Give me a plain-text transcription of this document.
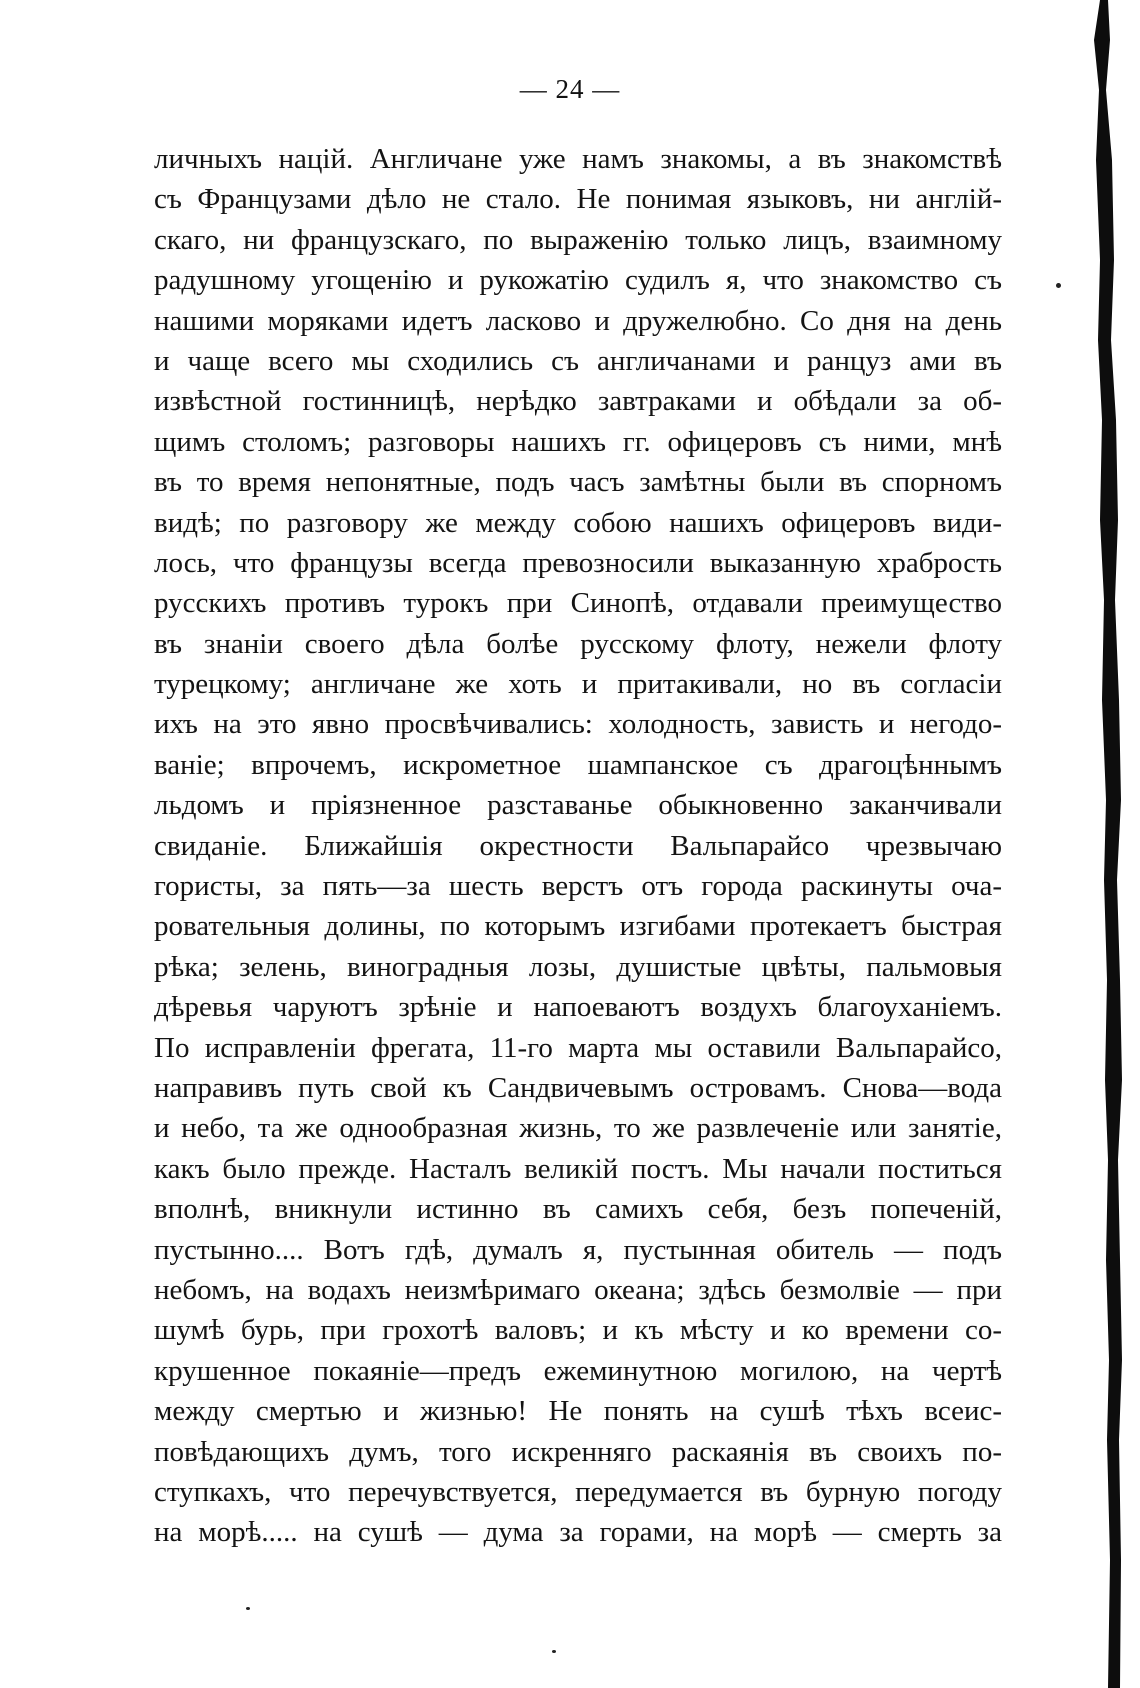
— 24 —
личныхъ націй. Англичане уже намъ знакомы, а въ знакомствѣ
съ Французами дѣло не стало. Не понимая языковъ, ни англій-
скаго, ни французскаго, по выраженію только лицъ, взаимному
радушному угощенію и рукожатію судилъ я, что знакомство съ
нашими моряками идетъ ласково и дружелюбно. Со дня на день
и чаще всего мы сходились съ англичанами и ранцуз ами въ
извѣстной гостинницѣ, нерѣдко завтраками и обѣдали за об-
щимъ столомъ; разговоры нашихъ гг. офицеровъ съ ними, мнѣ
въ то время непонятные, подъ часъ замѣтны были въ спорномъ
видѣ; по разговору же между собою нашихъ офицеровъ види-
лось, что французы всегда превозносили выказанную храбрость
русскихъ противъ турокъ при Синопѣ, отдавали преимущество
въ знаніи своего дѣла болѣе русскому флоту, нежели флоту
турецкому; англичане же хоть и притакивали, но въ согласіи
ихъ на это явно просвѣчивались: холодность, зависть и негодо-
ваніе; впрочемъ, искрометное шампанское съ драгоцѣннымъ
льдомъ и пріязненное разставанье обыкновенно заканчивали
свиданіе. Ближайшія окрестности Вальпарайсо чрезвычаю
гористы, за пять—за шесть верстъ отъ города раскинуты оча-
ровательныя долины, по которымъ изгибами протекаетъ быстрая
рѣка; зелень, виноградныя лозы, душистые цвѣты, пальмовыя
дѣревья чаруютъ зрѣніе и напоеваютъ воздухъ благоуханіемъ.
По исправленіи фрегата, 11-го марта мы оставили Вальпарайсо,
направивъ путь свой къ Сандвичевымъ островамъ. Снова—вода
и небо, та же однообразная жизнь, то же развлеченіе или занятіе,
какъ было прежде. Насталъ великій постъ. Мы начали поститься
вполнѣ, вникнули истинно въ самихъ себя, безъ попеченій,
пустынно.... Вотъ гдѣ, думалъ я, пустынная обитель — подъ
небомъ, на водахъ неизмѣримаго океана; здѣсь безмолвіе — при
шумѣ бурь, при грохотѣ валовъ; и къ мѣсту и ко времени со-
крушенное покаяніе—предъ ежеминутною могилою, на чертѣ
между смертью и жизнью! Не понять на сушѣ тѣхъ всеис-
повѣдающихъ думъ, того искренняго раскаянія въ своихъ по-
ступкахъ, что перечувствуется, передумается въ бурную погоду
на морѣ..... на сушѣ — дума за горами, на морѣ — смерть за
